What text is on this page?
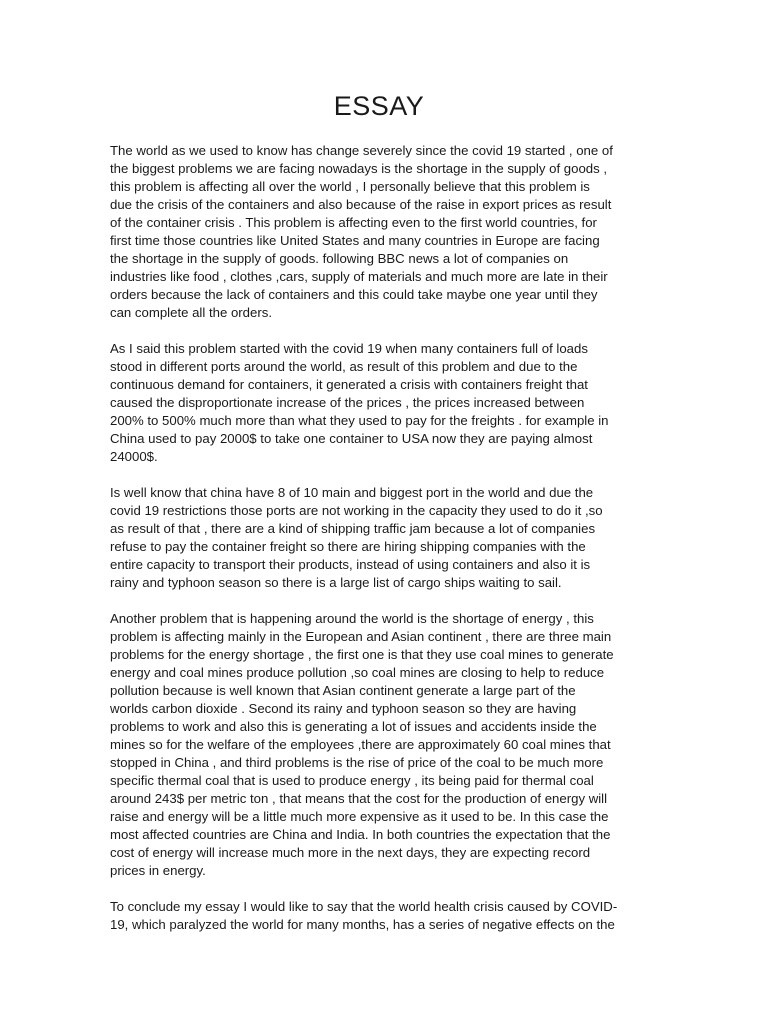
ESSAY
The world as we used to know has change severely since the covid 19 started , one of
the biggest problems we are facing nowadays is the shortage in the supply of goods ,
this problem is affecting all over the world , I personally believe that this problem is
due the crisis of the containers and also because of the raise in export prices as result
of the container crisis . This problem is affecting even to the first world countries, for
first time those countries like United States and many countries in Europe are facing
the shortage in the supply of goods. following BBC news a lot of companies on
industries like food , clothes ,cars, supply of materials and much more are late in their
orders because the lack of containers and this could take maybe one year until they
can complete all the orders.
As I said this problem started with the covid 19 when many containers full of loads
stood in different ports around the world, as result of this problem and due to the
continuous demand for containers, it generated a crisis with containers freight that
caused the disproportionate increase of the prices , the prices increased between
200% to 500% much more than what they used to pay for the freights . for example in
China used to pay 2000$ to take one container to USA now they are paying almost
24000$.
Is well know that china have 8 of 10 main and biggest port in the world and due the
covid 19 restrictions those ports are not working in the capacity they used to do it ,so
as result of that , there are a kind of shipping traffic jam because a lot of companies
refuse to pay the container freight so there are hiring shipping companies with the
entire capacity to transport their products, instead of using containers and also it is
rainy and typhoon season so there is a large list of cargo ships waiting to sail.
Another problem that is happening around the world is the shortage of energy , this
problem is affecting mainly in the European and Asian continent , there are three main
problems for the energy shortage , the first one is that they use coal mines to generate
energy and coal mines produce pollution ,so coal mines are closing to help to reduce
pollution because is well known that Asian continent generate a large part of the
worlds carbon dioxide . Second its rainy and typhoon season so they are having
problems to work and also this is generating a lot of issues and accidents inside the
mines so for the welfare of the employees ,there are approximately 60 coal mines that
stopped in China , and third problems is the rise of price of the coal to be much more
specific thermal coal that is used to produce energy , its being paid for thermal coal
around 243$ per metric ton , that means that the cost for the production of energy will
raise and energy will be a little much more expensive as it used to be. In this case the
most affected countries are China and India. In both countries the expectation that the
cost of energy will increase much more in the next days, they are expecting record
prices in energy.
To conclude my essay I would like to say that the world health crisis caused by COVID-
19, which paralyzed the world for many months, has a series of negative effects on the
